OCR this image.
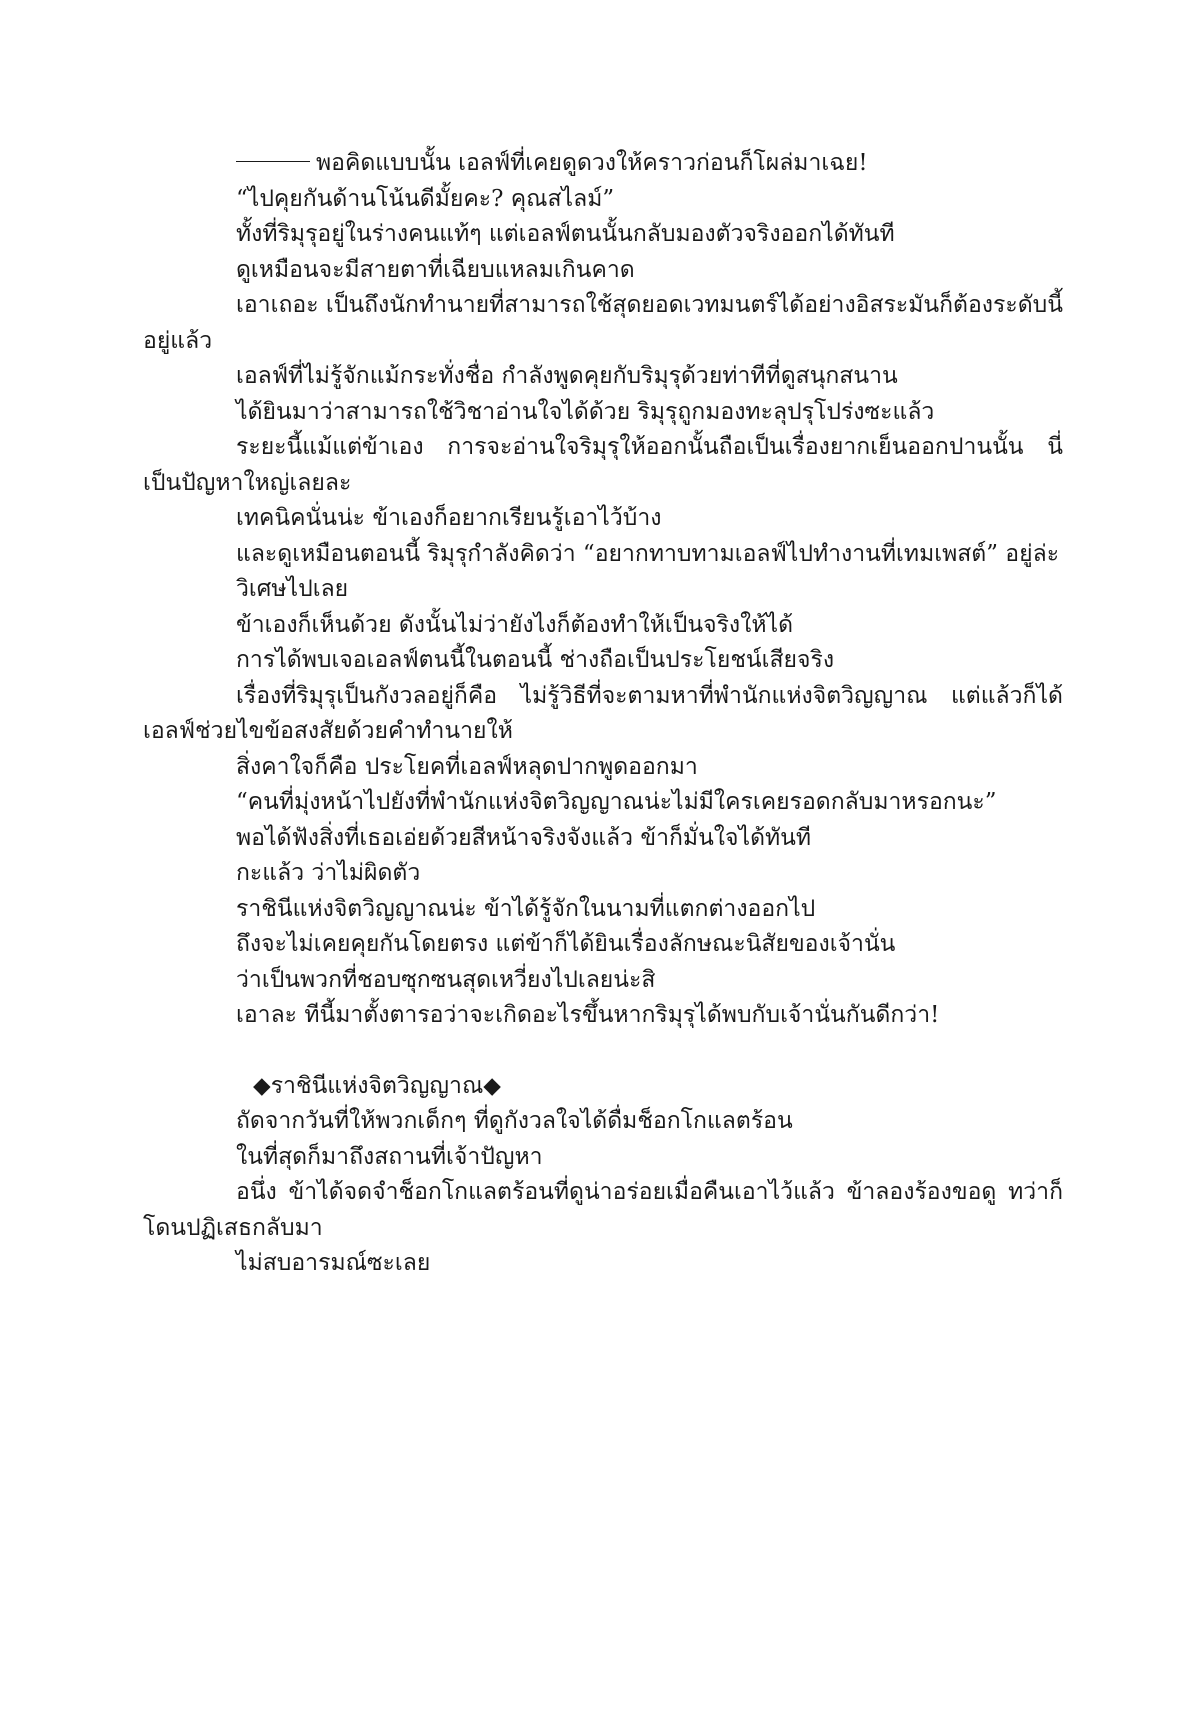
พอคิดแบบนั้น เอลฟ์ที่เคยดูดวงให้คราวก่อนก็โผล่มาเฉย!

“ไปคุยกันด้านโน้นดีมั้ยคะ? คุณสไลม์”

ทั้งที่ริมุรุอยู่ในร่างคนแท้ๆ แต่เอลฟ์ตนนั้นกลับมองตัวจริงออกได้ทันที

ดูเหมือนจะมีสายตาที่เฉียบแหลมเกินคาด

เอาเถอะ เป็นถึงนักทำนายที่สามารถใช้สุดยอดเวทมนตร์ได้อย่างอิสระมันก็ต้องระดับนี้อยู่แล้ว

เอลฟ์ที่ไม่รู้จักแม้กระทั่งชื่อ กำลังพูดคุยกับริมุรุด้วยท่าทีที่ดูสนุกสนาน

ได้ยินมาว่าสามารถใช้วิชาอ่านใจได้ด้วย ริมุรุถูกมองทะลุปรุโปร่งซะแล้ว

ระยะนี้แม้แต่ข้าเอง การจะอ่านใจริมุรุให้ออกนั้นถือเป็นเรื่องยากเย็นออกปานนั้น นี่เป็นปัญหาใหญ่เลยละ

เทคนิคนั่นน่ะ ข้าเองก็อยากเรียนรู้เอาไว้บ้าง

และดูเหมือนตอนนี้ ริมุรุกำลังคิดว่า “อยากทาบทามเอลฟ์ไปทำงานที่เทมเพสต์” อยู่ล่ะ

วิเศษไปเลย

ข้าเองก็เห็นด้วย ดังนั้นไม่ว่ายังไงก็ต้องทำให้เป็นจริงให้ได้

การได้พบเจอเอลฟ์ตนนี้ในตอนนี้ ช่างถือเป็นประโยชน์เสียจริง

เรื่องที่ริมุรุเป็นกังวลอยู่ก็คือ ไม่รู้วิธีที่จะตามหาที่พำนักแห่งจิตวิญญาณ แต่แล้วก็ได้เอลฟ์ช่วยไขข้อสงสัยด้วยคำทำนายให้

สิ่งคาใจก็คือ ประโยคที่เอลฟ์หลุดปากพูดออกมา

“คนที่มุ่งหน้าไปยังที่พำนักแห่งจิตวิญญาณน่ะไม่มีใครเคยรอดกลับมาหรอกนะ”

พอได้ฟังสิ่งที่เธอเอ่ยด้วยสีหน้าจริงจังแล้ว ข้าก็มั่นใจได้ทันที

กะแล้ว ว่าไม่ผิดตัว

ราชินีแห่งจิตวิญญาณน่ะ ข้าได้รู้จักในนามที่แตกต่างออกไป

ถึงจะไม่เคยคุยกันโดยตรง แต่ข้าก็ได้ยินเรื่องลักษณะนิสัยของเจ้านั่น

ว่าเป็นพวกที่ชอบซุกซนสุดเหวี่ยงไปเลยน่ะสิ

เอาละ ทีนี้มาตั้งตารอว่าจะเกิดอะไรขึ้นหากริมุรุได้พบกับเจ้านั่นกันดีกว่า!

◆ราชินีแห่งจิตวิญญาณ◆

ถัดจากวันที่ให้พวกเด็กๆ ที่ดูกังวลใจได้ดื่มช็อกโกแลตร้อน

ในที่สุดก็มาถึงสถานที่เจ้าปัญหา

อนึ่ง ข้าได้จดจำช็อกโกแลตร้อนที่ดูน่าอร่อยเมื่อคืนเอาไว้แล้ว ข้าลองร้องขอดู ทว่าก็โดนปฏิเสธกลับมา

ไม่สบอารมณ์ซะเลย
